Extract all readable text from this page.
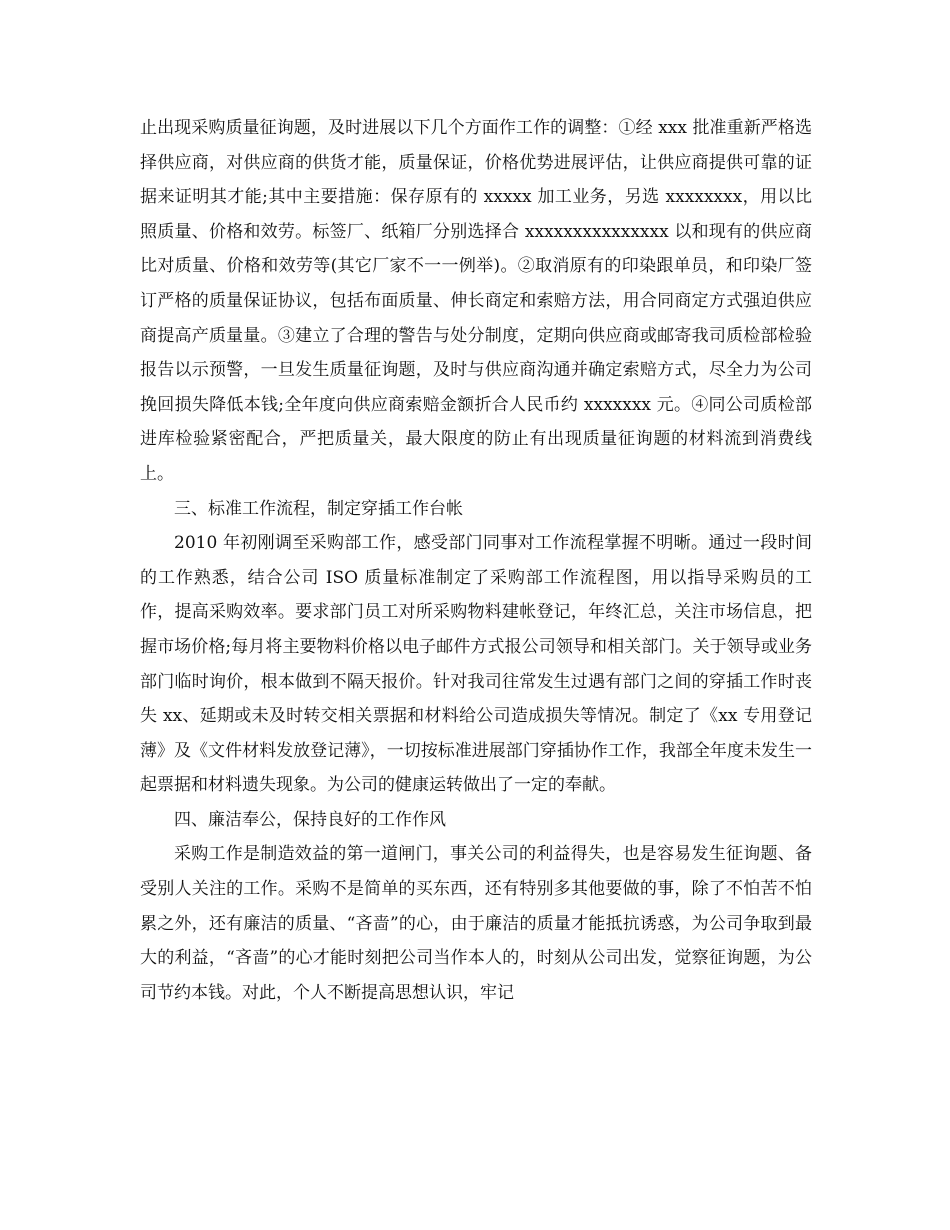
止出现采购质量征询题，及时进展以下几个方面作工作的调整：①经 xxx 批准重新严格选择供应商，对供应商的供货才能，质量保证，价格优势进展评估，让供应商提供可靠的证据来证明其才能;其中主要措施：保存原有的 xxxxx 加工业务，另选 xxxxxxxx，用以比照质量、价格和效劳。标签厂、纸箱厂分别选择合 xxxxxxxxxxxxxxx 以和现有的供应商比对质量、价格和效劳等(其它厂家不一一例举)。②取消原有的印染跟单员，和印染厂签订严格的质量保证协议，包括布面质量、伸长商定和索赔方法，用合同商定方式强迫供应商提高产质量量。③建立了合理的警告与处分制度，定期向供应商或邮寄我司质检部检验报告以示预警，一旦发生质量征询题，及时与供应商沟通并确定索赔方式，尽全力为公司挽回损失降低本钱;全年度向供应商索赔金额折合人民币约 xxxxxxx 元。④同公司质检部进库检验紧密配合，严把质量关，最大限度的防止有出现质量征询题的材料流到消费线上。

三、标准工作流程，制定穿插工作台帐

2010 年初刚调至采购部工作，感受部门同事对工作流程掌握不明晰。通过一段时间的工作熟悉，结合公司 ISO 质量标准制定了采购部工作流程图，用以指导采购员的工作，提高采购效率。要求部门员工对所采购物料建帐登记，年终汇总，关注市场信息，把握市场价格;每月将主要物料价格以电子邮件方式报公司领导和相关部门。关于领导或业务部门临时询价，根本做到不隔天报价。针对我司往常发生过遇有部门之间的穿插工作时丧失 xx、延期或未及时转交相关票据和材料给公司造成损失等情况。制定了《xx 专用登记薄》及《文件材料发放登记薄》，一切按标准进展部门穿插协作工作，我部全年度未发生一起票据和材料遗失现象。为公司的健康运转做出了一定的奉献。

四、廉洁奉公，保持良好的工作作风

采购工作是制造效益的第一道闸门，事关公司的利益得失，也是容易发生征询题、备受别人关注的工作。采购不是简单的买东西，还有特别多其他要做的事，除了不怕苦不怕累之外，还有廉洁的质量、“吝啬”的心，由于廉洁的质量才能抵抗诱惑，为公司争取到最大的利益，“吝啬”的心才能时刻把公司当作本人的，时刻从公司出发，觉察征询题，为公司节约本钱。对此，个人不断提高思想认识，牢记
